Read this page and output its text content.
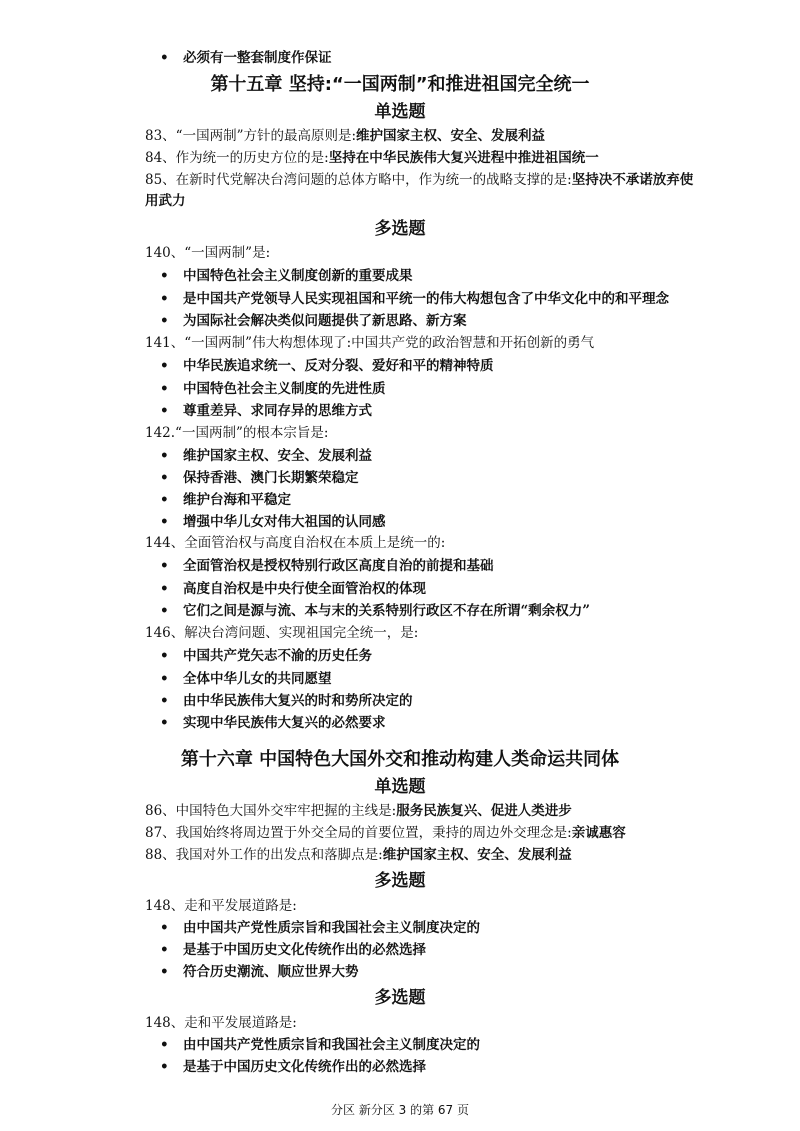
• 必须有一整套制度作保证
第十五章 坚持:“一国两制”和推进祖国完全统一
单选题
83、“一国两制”方针的最高原则是:维护国家主权、安全、发展利益
84、作为统一的历史方位的是:坚持在中华民族伟大复兴进程中推进祖国统一
85、在新时代党解决台湾问题的总体方略中，作为统一的战略支撑的是:坚持决不承诺放弃使
用武力
多选题
140、“一国两制”是:
• 中国特色社会主义制度创新的重要成果
• 是中国共产党领导人民实现祖国和平统一的伟大构想包含了中华文化中的和平理念
• 为国际社会解决类似问题提供了新思路、新方案
141、“一国两制”伟大构想体现了:中国共产党的政治智慧和开拓创新的勇气
• 中华民族追求统一、反对分裂、爱好和平的精神特质
• 中国特色社会主义制度的先进性质
• 尊重差异、求同存异的思维方式
142.“一国两制”的根本宗旨是:
• 维护国家主权、安全、发展利益
• 保持香港、澳门长期繁荣稳定
• 维护台海和平稳定
• 增强中华儿女对伟大祖国的认同感
144、全面管治权与高度自治权在本质上是统一的:
• 全面管治权是授权特别行政区高度自治的前提和基础
• 高度自治权是中央行使全面管治权的体现
• 它们之间是源与流、本与末的关系特别行政区不存在所谓“剩余权力”
146、解决台湾问题、实现祖国完全统一，是:
• 中国共产党矢志不渝的历史任务
• 全体中华儿女的共同愿望
• 由中华民族伟大复兴的时和势所决定的
• 实现中华民族伟大复兴的必然要求
第十六章 中国特色大国外交和推动构建人类命运共同体
单选题
86、中国特色大国外交牢牢把握的主线是:服务民族复兴、促进人类进步
87、我国始终将周边置于外交全局的首要位置，秉持的周边外交理念是:亲诚惠容
88、我国对外工作的出发点和落脚点是:维护国家主权、安全、发展利益
多选题
148、走和平发展道路是:
• 由中国共产党性质宗旨和我国社会主义制度决定的
• 是基于中国历史文化传统作出的必然选择
• 符合历史潮流、顺应世界大势
多选题
148、走和平发展道路是:
• 由中国共产党性质宗旨和我国社会主义制度决定的
• 是基于中国历史文化传统作出的必然选择
分区 新分区 3 的第 67 页
